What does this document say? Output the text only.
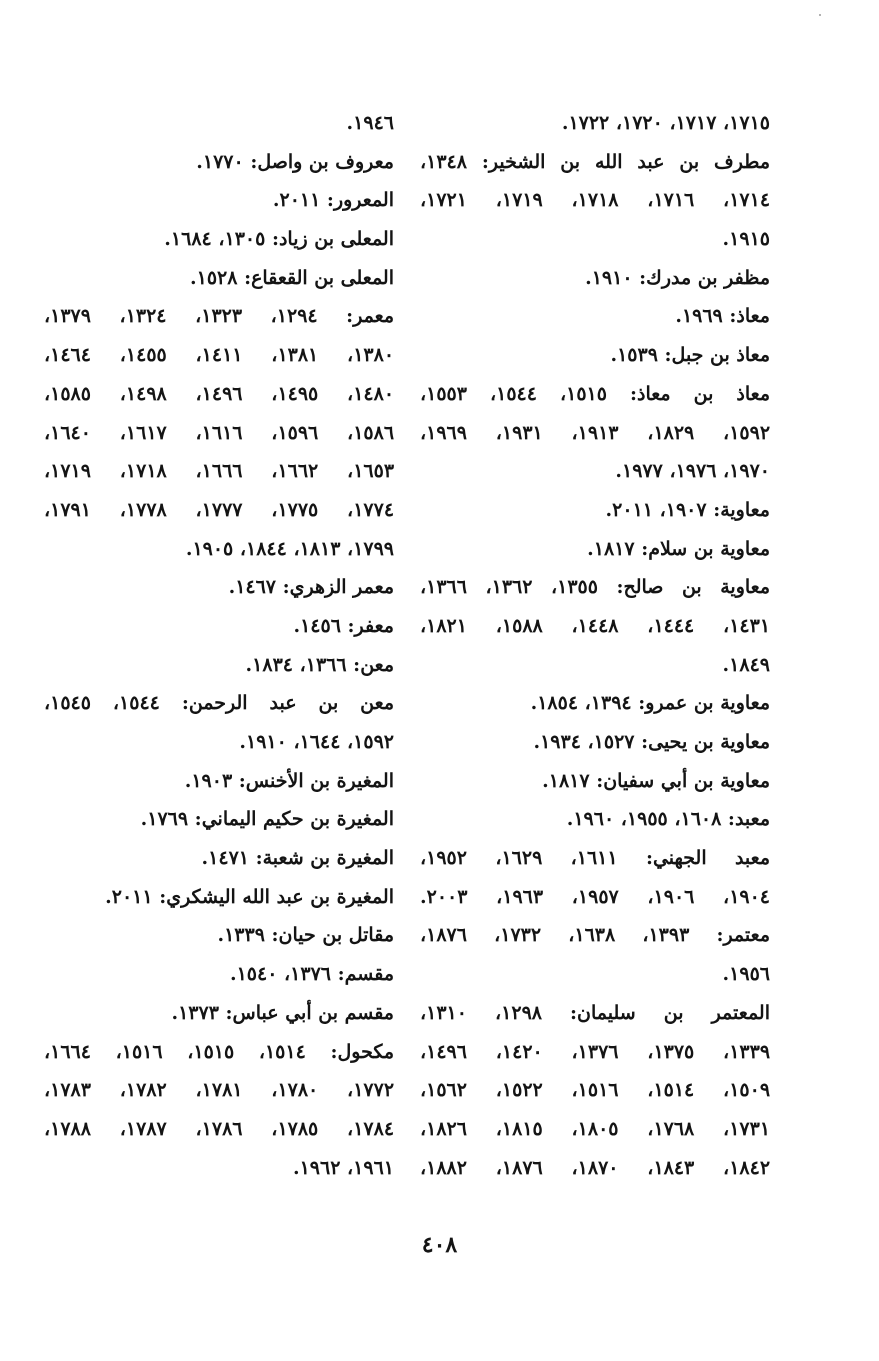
١٧١٥، ١٧١٧، ١٧٢٠، ١٧٢٢.
مطرف بن عبد الله بن الشخير: ١٣٤٨،
١٧١٤، ١٧١٦، ١٧١٨، ١٧١٩، ١٧٢١،
١٩١٥.
مظفر بن مدرك: ١٩١٠.
معاذ: ١٩٦٩.
معاذ بن جبل: ١٥٣٩.
معاذ بن معاذ: ١٥١٥، ١٥٤٤، ١٥٥٣،
١٥٩٢، ١٨٢٩، ١٩١٣، ١٩٣١، ١٩٦٩،
١٩٧٠، ١٩٧٦، ١٩٧٧.
معاوية: ١٩٠٧، ٢٠١١.
معاوية بن سلام: ١٨١٧.
معاوية بن صالح: ١٣٥٥، ١٣٦٢، ١٣٦٦،
١٤٣١، ١٤٤٤، ١٤٤٨، ١٥٨٨، ١٨٢١،
١٨٤٩.
معاوية بن عمرو: ١٣٩٤، ١٨٥٤.
معاوية بن يحيى: ١٥٢٧، ١٩٣٤.
معاوية بن أبي سفيان: ١٨١٧.
معبد: ١٦٠٨، ١٩٥٥، ١٩٦٠.
معبد الجهني: ١٦١١، ١٦٢٩، ١٩٥٢،
١٩٠٤، ١٩٠٦، ١٩٥٧، ١٩٦٣، ٢٠٠٣.
معتمر: ١٣٩٣، ١٦٣٨، ١٧٣٢، ١٨٧٦،
١٩٥٦.
المعتمر بن سليمان: ١٢٩٨، ١٣١٠،
١٣٣٩، ١٣٧٥، ١٣٧٦، ١٤٢٠، ١٤٩٦،
١٥٠٩، ١٥١٤، ١٥١٦، ١٥٢٢، ١٥٦٢،
١٧٣١، ١٧٦٨، ١٨٠٥، ١٨١٥، ١٨٢٦،
١٨٤٢، ١٨٤٣، ١٨٧٠، ١٨٧٦، ١٨٨٢،
١٩٤٦.
معروف بن واصل: ١٧٧٠.
المعرور: ٢٠١١.
المعلى بن زياد: ١٣٠٥، ١٦٨٤.
المعلى بن القعقاع: ١٥٢٨.
معمر: ١٢٩٤، ١٣٢٣، ١٣٢٤، ١٣٧٩،
١٣٨٠، ١٣٨١، ١٤١١، ١٤٥٥، ١٤٦٤،
١٤٨٠، ١٤٩٥، ١٤٩٦، ١٤٩٨، ١٥٨٥،
١٥٨٦، ١٥٩٦، ١٦١٦، ١٦١٧، ١٦٤٠،
١٦٥٣، ١٦٦٢، ١٦٦٦، ١٧١٨، ١٧١٩،
١٧٧٤، ١٧٧٥، ١٧٧٧، ١٧٧٨، ١٧٩١،
١٧٩٩، ١٨١٣، ١٨٤٤، ١٩٠٥.
معمر الزهري: ١٤٦٧.
معفر: ١٤٥٦.
معن: ١٣٦٦، ١٨٣٤.
معن بن عبد الرحمن: ١٥٤٤، ١٥٤٥،
١٥٩٢، ١٦٤٤، ١٩١٠.
المغيرة بن الأخنس: ١٩٠٣.
المغيرة بن حكيم اليماني: ١٧٦٩.
المغيرة بن شعبة: ١٤٧١.
المغيرة بن عبد الله اليشكري: ٢٠١١.
مقاتل بن حيان: ١٣٣٩.
مقسم: ١٣٧٦، ١٥٤٠.
مقسم بن أبي عباس: ١٣٧٣.
مكحول: ١٥١٤، ١٥١٥، ١٥١٦، ١٦٦٤،
١٧٧٢، ١٧٨٠، ١٧٨١، ١٧٨٢، ١٧٨٣،
١٧٨٤، ١٧٨٥، ١٧٨٦، ١٧٨٧، ١٧٨٨،
١٩٦١، ١٩٦٢.
٤٠٨
